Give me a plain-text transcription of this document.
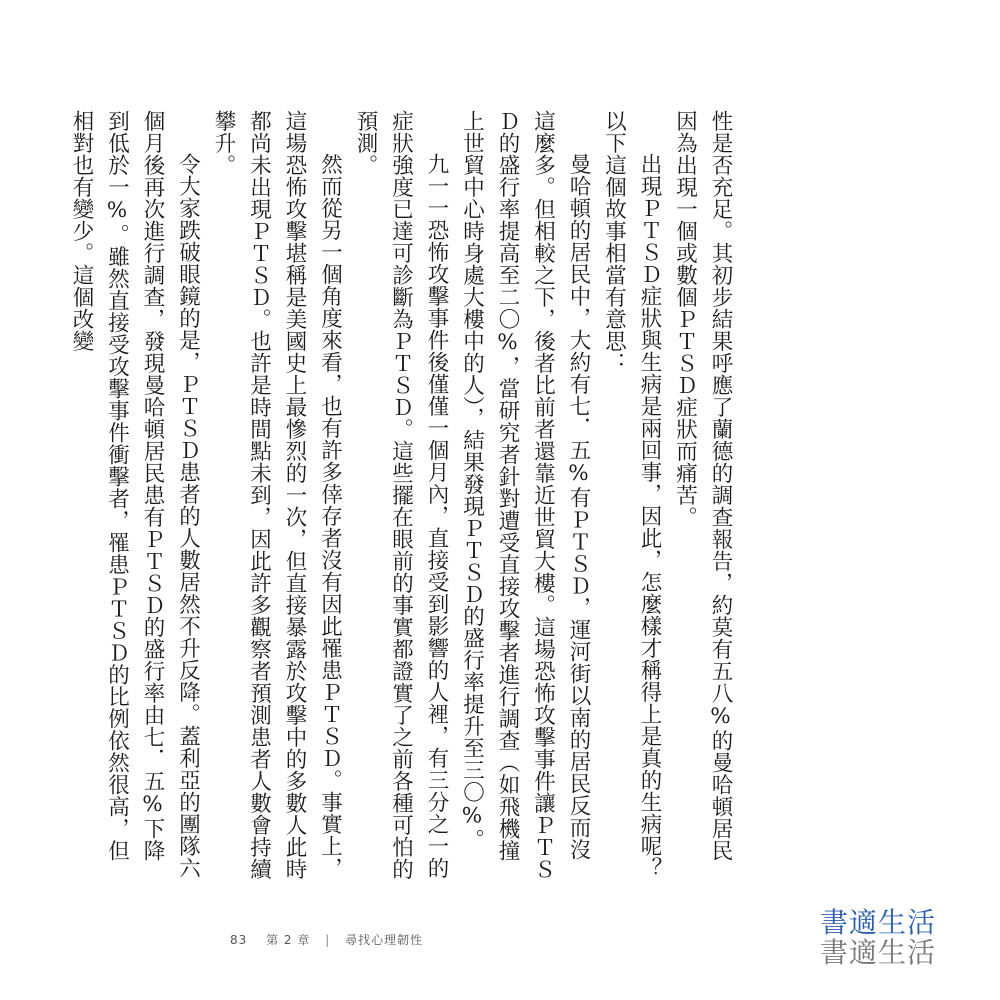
性是否充足。其初步結果呼應了蘭德的調查報告，約莫有五八%的曼哈頓居民因為出現一個或數個ＰＴＳＤ症狀而痛苦。

出現ＰＴＳＤ症狀與生病是兩回事，因此，怎麼樣才稱得上是真的生病呢？以下這個故事相當有意思：

曼哈頓的居民中，大約有七．五%有ＰＴＳＤ，運河街以南的居民反而沒這麼多。但相較之下，後者比前者還靠近世貿大樓。這場恐怖攻擊事件讓ＰＴＳＤ的盛行率提高至二〇%，當研究者針對遭受直接攻擊者進行調查（如飛機撞上世貿中心時身處大樓中的人），結果發現ＰＴＳＤ的盛行率提升至三〇%。

九一一恐怖攻擊事件後僅僅一個月內，直接受到影響的人裡，有三分之一的症狀強度已達可診斷為ＰＴＳＤ。這些擺在眼前的事實都證實了之前各種可怕的預測。

然而從另一個角度來看，也有許多倖存者沒有因此罹患ＰＴＳＤ。事實上，這場恐怖攻擊堪稱是美國史上最慘烈的一次，但直接暴露於攻擊中的多數人此時都尚未出現ＰＴＳＤ。也許是時間點未到，因此許多觀察者預測患者人數會持續攀升。

令大家跌破眼鏡的是，ＰＴＳＤ患者的人數居然不升反降。蓋利亞的團隊六個月後再次進行調查，發現曼哈頓居民患有ＰＴＳＤ的盛行率由七．五%下降到低於一%。雖然直接受攻擊事件衝擊者，罹患ＰＴＳＤ的比例依然很高，但相對也有變少。這個改變

83 第 2 章 | 尋找心理韌性
書適生活
書適生活
